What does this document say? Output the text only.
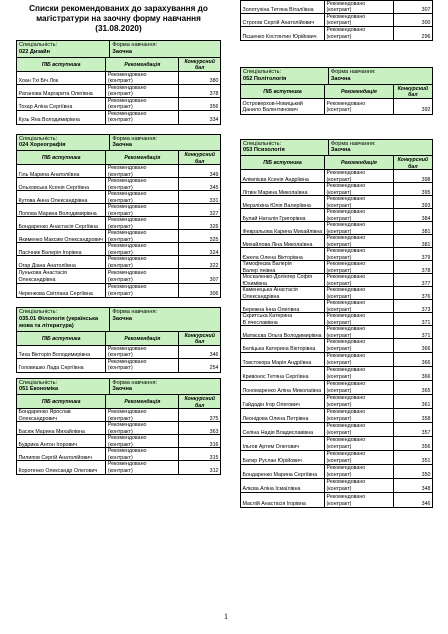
Списки рекомендованих до зарахування до
магістратури на заочну форму навчання
(31.08.2020)
Спеціальність:
022 Дизайн
Форма навчання:
Заочна
ПІБ вступника	Рекомендація
Конкурсний бал
Хоан Тхі Біч Лок
Рекомендовано
(контракт)	380
Ратанова Маргарита Олегівна
Рекомендовано
(контракт)	378
Тохар Аліна Сергіївна
Рекомендовано
(контракт)	356
Кузь Яна Володимирівна
Рекомендовано
(контракт)	334
Спеціальність:
024 Хореографія
Форма навчання:
Заочна
ПІБ вступника	Рекомендація
Конкурсний бал
Гіль Марина Анатоліївна
Рекомендовано
(контракт)	349
Ольховська Ксенія Сергіївна
Рекомендовано
(контракт)	345
Кутова Анна Олександрівна
Рекомендовано
(контракт)	331
Попова Марина Володимирівна
Рекомендовано
(контракт)	327
Бондаренко Анастасія Сергіївна
Рекомендовано
(контракт)	326
Якименко Максим Олександрович
Рекомендовано
(контракт)	325
Пасічник Валерія Ігорівна
Рекомендовано
(контракт)	324
Огар Діана Анатоліївна
Рекомендовано
(контракт)	322
Лунькова Анастасія Олександрівна
Рекомендовано
(контракт)	307
Черенкова Світлана Сергіївна
Рекомендовано
(контракт)	306
Спеціальність:
035.01 Філологія (українська мова та література)
Форма навчання:
Заочна
ПІБ вступника	Рекомендація
Конкурсний бал
Тиха Вікторія Володимирівна
Рекомендовано
(контракт)	346
Головешко Лада Сергіївна
Рекомендовано
(контракт)	254
Спеціальність:
051 Економіка
Форма навчання:
Заочна
ПІБ вступника	Рекомендація
Конкурсний бал
Бондаренко Ярослав Олександрович
Рекомендовано
(контракт)	375
Басюк Марина Михайлівна
Рекомендовано
(контракт)	363
Будрика Антон Ігорович
Рекомендовано
(контракт)	316
Пилипов Сергій Анатолійович
Рекомендовано
(контракт)	315
Коротенко Олександр Олегович
Рекомендовано
(контракт)	312
Золотухіна Тетяна Віталіївна
Рекомендовано
(контракт)	307
Строгов Сергій Анатолійович
Рекомендовано
(контракт)	300
Пєшенко Костянтин Юрійович
Рекомендовано
(контракт)	296
Спеціальність:
052 Політологія
Форма навчання:
Заочна
ПІБ вступника	Рекомендація
Конкурсний бал
Островерхов-Новицький Данило Валентинович
Рекомендовано
(контракт)	392
Спеціальність:
053 Психологія
Форма навчання:
Заочна
ПІБ вступника	Рекомендація
Конкурсний бал
Алімпієва Ксенія Андріївна
Рекомендовано
(контракт)	398
Літвін Марина Миколаївна
Рекомендовано
(контракт)	395
Мерзлікіна Юлія Валеріївна
Рекомендовано
(контракт)	393
Булай Наталія Григорівна
Рекомендовано
(контракт)	384
Февральова Карина Михайлівна
Рекомендовано
(контракт)	381
Михайлова Ліна Миколаївна
Рекомендовано
(контракт)	381
Єжела Олена Вікторівна
Рекомендовано
(контракт)	379
Тимофеєва Валерія Валер`янівна
Рекомендовано
(контракт)	378
Москаленко-Долінгер Софія Юхимівна
Рекомендовано
(контракт)	377
Каменецька Анастасія Олександрівна
Рекомендовано
(контракт)	376
Бережна Інна Олегівна
Рекомендовано
(контракт)	373
Скритська Катерина В`ячеславівна
Рекомендовано
(контракт)	371
Матвєєва Ольга Володимирівна
Рекомендовано
(контракт)	371
Беліцька Катерина Вікторівна
Рекомендовано
(контракт)	366
Товстокора Марія Андріївна
Рекомендовано
(контракт)	366
Кривонос Тетяна Сергіївна
Рекомендовано
(контракт)	366
Пономаренко Аліна Миколаївна
Рекомендовано
(контракт)	365
Гайдадін Ігор Олегович
Рекомендовано
(контракт)	361
Леонідова Олена Петрівна
Рекомендовано
(контракт)	358
Селіна Надія Владиславівна
Рекомендовано
(контракт)	357
Ільгов Артем Олегович
Рекомендовано
(контракт)	356
Батир Руслан Юрійович
Рекомендовано
(контракт)	351
Бондаренко Марина Сергіївна
Рекомендовано
(контракт)	350
Алієва Аліна Ісмаїлівна
Рекомендовано
(контракт)	348
Маслій Анастасія Ігорівна
Рекомендовано
(контракт)	346
1
